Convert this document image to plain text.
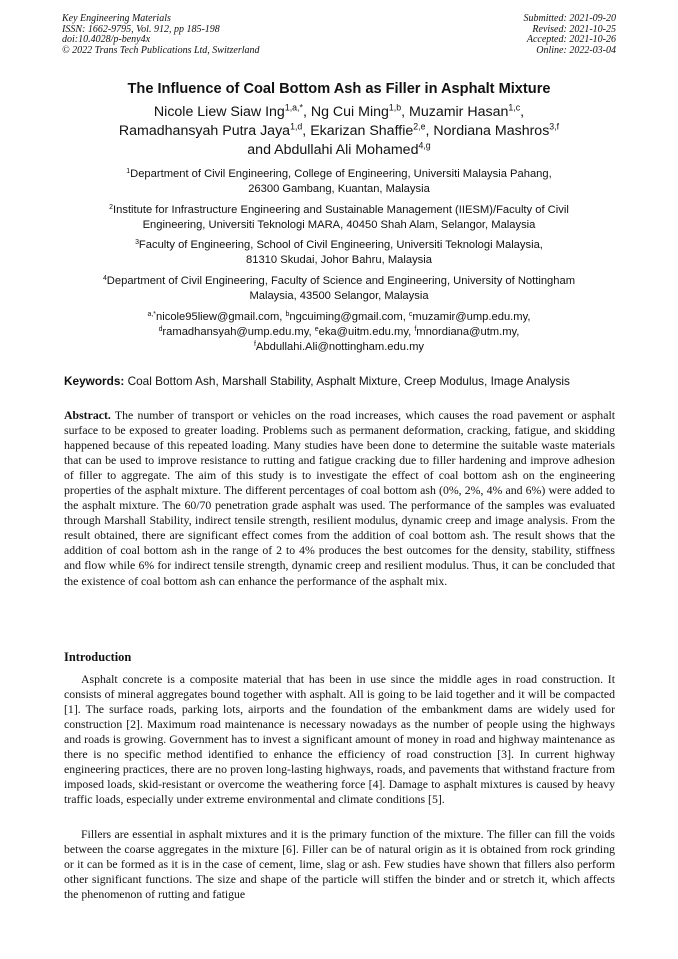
Key Engineering Materials
ISSN: 1662-9795, Vol. 912, pp 185-198
doi:10.4028/p-beny4x
© 2022 Trans Tech Publications Ltd, Switzerland
Submitted: 2021-09-20
Revised: 2021-10-25
Accepted: 2021-10-26
Online: 2022-03-04
The Influence of Coal Bottom Ash as Filler in Asphalt Mixture
Nicole Liew Siaw Ing$^{1,a,*}$, Ng Cui Ming$^{1,b}$, Muzamir Hasan$^{1,c}$,
Ramadhansyah Putra Jaya$^{1,d}$, Ekarizan Shaffie$^{2,e}$, Nordiana Mashros$^{3,f}$
and Abdullahi Ali Mohamed$^{4,g}$
$^1$Department of Civil Engineering, College of Engineering, Universiti Malaysia Pahang,
26300 Gambang, Kuantan, Malaysia
$^2$Institute for Infrastructure Engineering and Sustainable Management (IIESM)/Faculty of Civil
Engineering, Universiti Teknologi MARA, 40450 Shah Alam, Selangor, Malaysia
$^3$Faculty of Engineering, School of Civil Engineering, Universiti Teknologi Malaysia,
81310 Skudai, Johor Bahru, Malaysia
$^4$Department of Civil Engineering, Faculty of Science and Engineering, University of Nottingham
Malaysia, 43500 Selangor, Malaysia
$^{a,*}$nicole95liew@gmail.com, $^b$ngcuiming@gmail.com, $^c$muzamir@ump.edu.my,
$^d$ramadhansyah@ump.edu.my, $^e$eka@uitm.edu.my, $^f$mnordiana@utm.my,
$^f$Abdullahi.Ali@nottingham.edu.my
Keywords: Coal Bottom Ash, Marshall Stability, Asphalt Mixture, Creep Modulus, Image Analysis

Abstract. The number of transport or vehicles on the road increases, which causes the road pavement or asphalt surface to be exposed to greater loading. Problems such as permanent deformation, cracking, fatigue, and skidding happened because of this repeated loading. Many studies have been done to determine the suitable waste materials that can be used to improve resistance to rutting and fatigue cracking due to filler hardening and improve adhesion of filler to aggregate. The aim of this study is to investigate the effect of coal bottom ash on the engineering properties of the asphalt mixture. The different percentages of coal bottom ash (0%, 2%, 4% and 6%) were added to the asphalt mixture. The 60/70 penetration grade asphalt was used. The performance of the samples was evaluated through Marshall Stability, indirect tensile strength, resilient modulus, dynamic creep and image analysis. From the result obtained, there are significant effect comes from the addition of coal bottom ash. The result shows that the addition of coal bottom ash in the range of 2 to 4% produces the best outcomes for the density, stability, stiffness and flow while 6% for indirect tensile strength, dynamic creep and resilient modulus. Thus, it can be concluded that the existence of coal bottom ash can enhance the performance of the asphalt mix.

Introduction

Asphalt concrete is a composite material that has been in use since the middle ages in road construction. It consists of mineral aggregates bound together with asphalt. All is going to be laid together and it will be compacted [1]. The surface roads, parking lots, airports and the foundation of the embankment dams are widely used for construction [2]. Maximum road maintenance is necessary nowadays as the number of people using the highways and roads is growing. Government has to invest a significant amount of money in road and highway maintenance as there is no specific method identified to enhance the efficiency of road construction [3]. In current highway engineering practices, there are no proven long-lasting highways, roads, and pavements that withstand fracture from imposed loads, skid-resistant or overcome the weathering force [4]. Damage to asphalt mixtures is caused by heavy traffic loads, especially under extreme environmental and climate conditions [5].

Fillers are essential in asphalt mixtures and it is the primary function of the mixture. The filler can fill the voids between the coarse aggregates in the mixture [6]. Filler can be of natural origin as it is obtained from rock grinding or it can be formed as it is in the case of cement, lime, slag or ash. Few studies have shown that fillers also perform other significant functions. The size and shape of the particle will stiffen the binder and or stretch it, which affects the phenomenon of rutting and fatigue
